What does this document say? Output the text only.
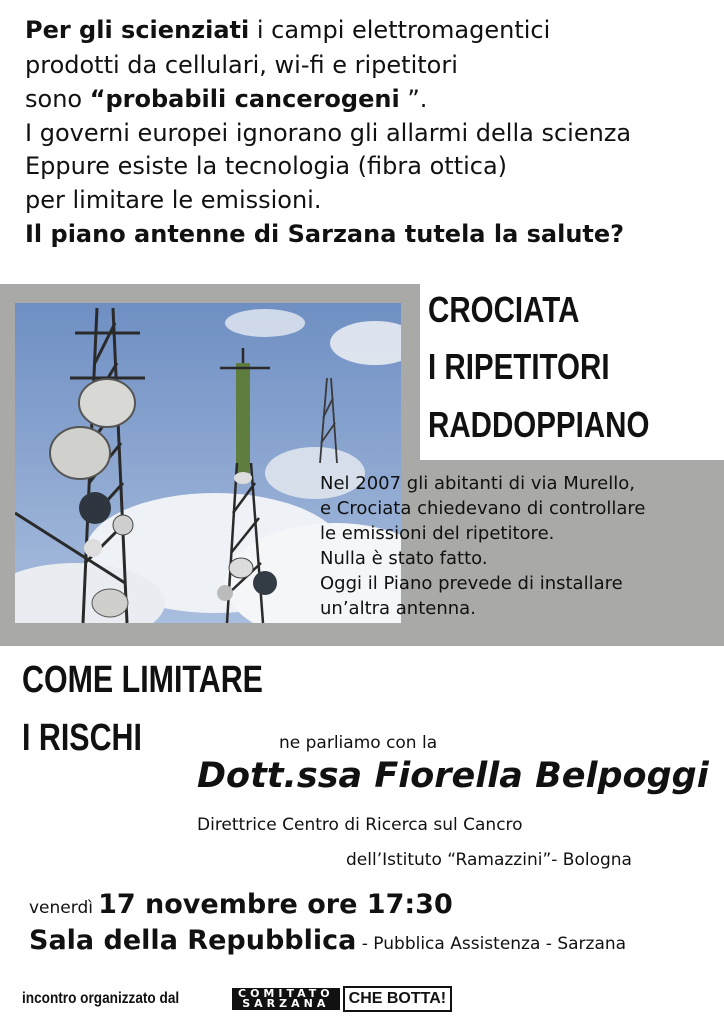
Per gli scienziati i campi elettromagentici
prodotti da cellulari, wi-fi e ripetitori
sono “probabili cancerogeni ”.
I governi europei ignorano gli allarmi della scienza
Eppure esiste la tecnologia (fibra ottica)
per limitare le emissioni.
Il piano antenne di Sarzana tutela la salute?
CROCIATA
I RIPETITORI
RADDOPPIANO
Nel 2007 gli abitanti di via Murello,
e Crociata chiedevano di controllare
le emissioni del ripetitore.
Nulla è stato fatto.
Oggi il Piano prevede di installare
un’altra antenna.
COME LIMITARE
I RISCHI	ne parliamo con la
Dott.ssa Fiorella Belpoggi
Direttrice Centro di Ricerca sul Cancro
dell’Istituto “Ramazzini”- Bologna
venerdì 17 novembre ore 17:30
Sala della Repubblica - Pubblica Assistenza - Sarzana
incontro organizzato dal	COMITATO
SARZANA	CHE BOTTA!
